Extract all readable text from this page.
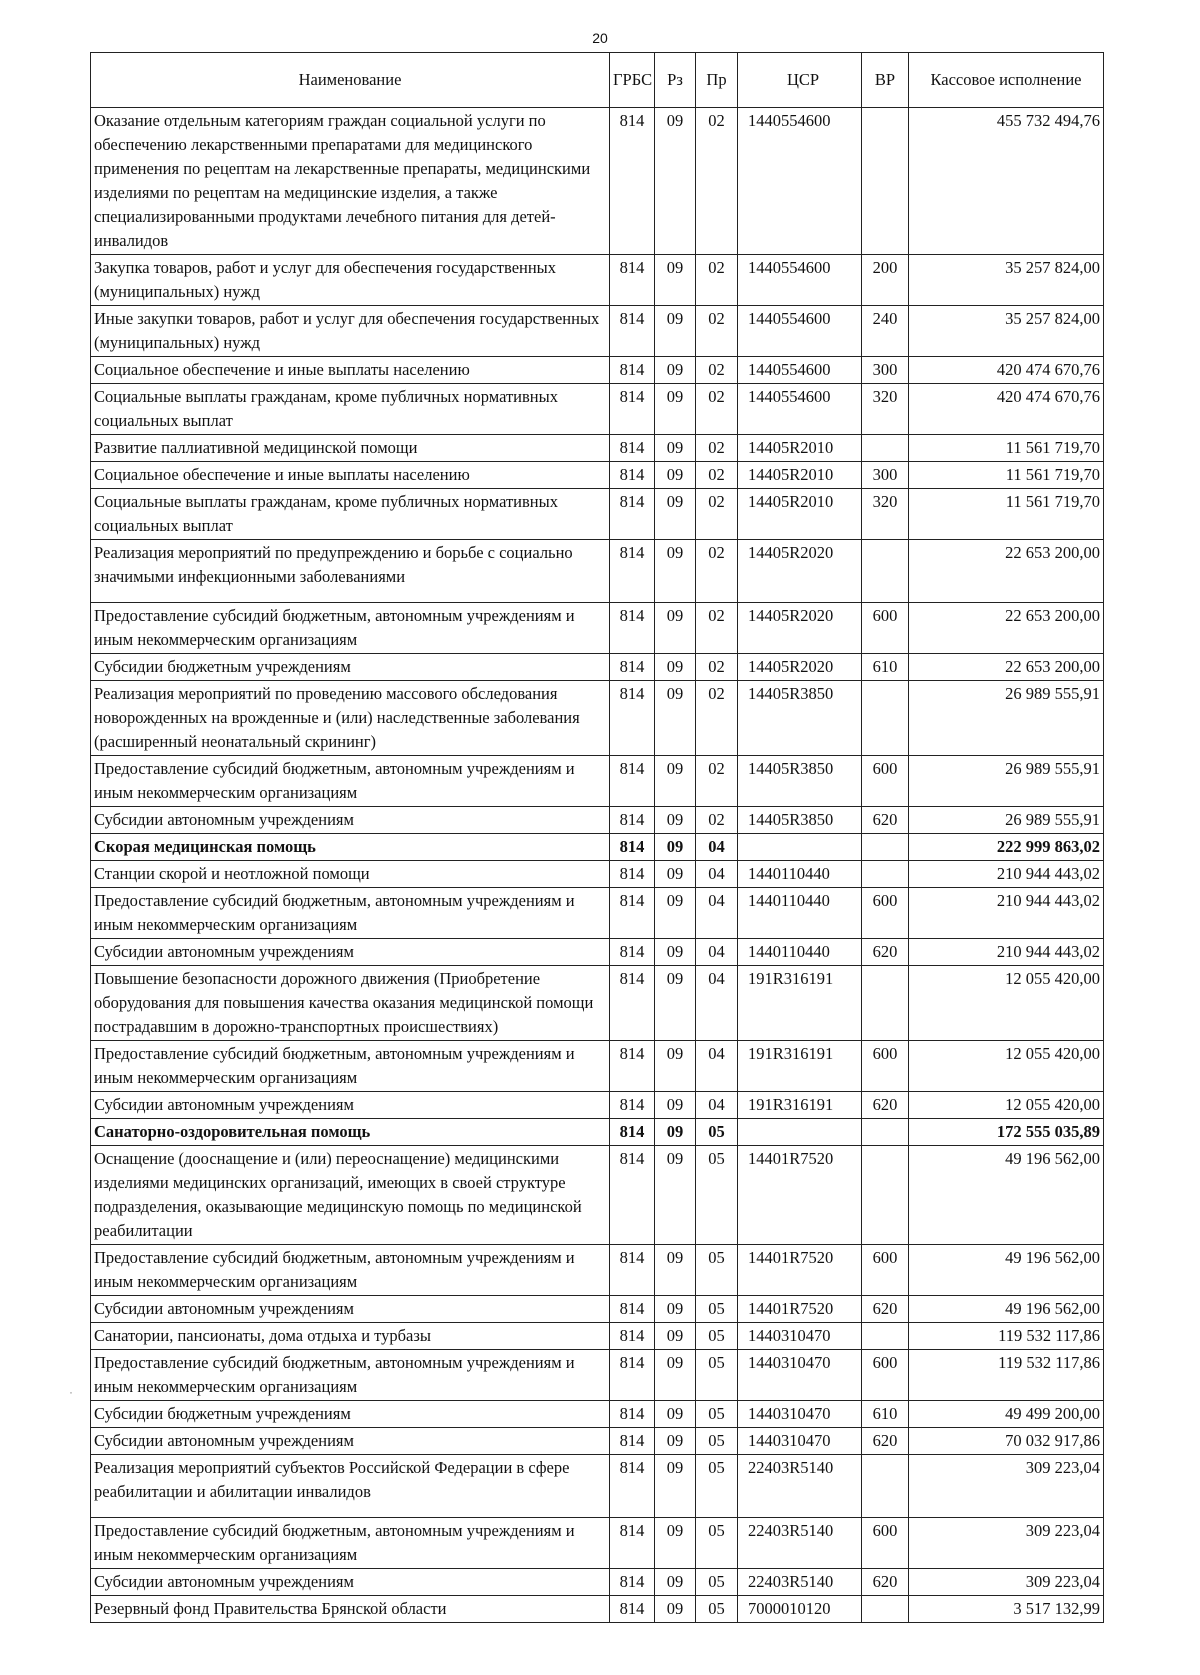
20
Наименование	ГРБС	Рз	Пр	ЦСР	ВР	Кассовое исполнение
Оказание отдельным категориям граждан социальной услуги по обеспечению лекарственными препаратами для медицинского применения по рецептам на лекарственные препараты, медицинскими изделиями по рецептам на медицинские изделия, а также специализированными продуктами лечебного питания для детей-инвалидов	814	09	02	1440554600		455 732 494,76
Закупка товаров, работ и услуг для обеспечения государственных (муниципальных) нужд	814	09	02	1440554600	200	35 257 824,00
Иные закупки товаров, работ и услуг для обеспечения государственных (муниципальных) нужд	814	09	02	1440554600	240	35 257 824,00
Социальное обеспечение и иные выплаты населению	814	09	02	1440554600	300	420 474 670,76
Социальные выплаты гражданам, кроме публичных нормативных социальных выплат	814	09	02	1440554600	320	420 474 670,76
Развитие паллиативной медицинской помощи	814	09	02	14405R2010		11 561 719,70
Социальное обеспечение и иные выплаты населению	814	09	02	14405R2010	300	11 561 719,70
Социальные выплаты гражданам, кроме публичных нормативных социальных выплат	814	09	02	14405R2010	320	11 561 719,70
Реализация мероприятий по предупреждению и борьбе с социально значимыми инфекционными заболеваниями	814	09	02	14405R2020		22 653 200,00
Предоставление субсидий бюджетным, автономным учреждениям и иным некоммерческим организациям	814	09	02	14405R2020	600	22 653 200,00
Субсидии бюджетным учреждениям	814	09	02	14405R2020	610	22 653 200,00
Реализация мероприятий по проведению массового обследования новорожденных на врожденные и (или) наследственные заболевания (расширенный неонатальный скрининг)	814	09	02	14405R3850		26 989 555,91
Предоставление субсидий бюджетным, автономным учреждениям и иным некоммерческим организациям	814	09	02	14405R3850	600	26 989 555,91
Субсидии автономным учреждениям	814	09	02	14405R3850	620	26 989 555,91
Скорая медицинская помощь	814	09	04			222 999 863,02
Станции скорой и неотложной помощи	814	09	04	1440110440		210 944 443,02
Предоставление субсидий бюджетным, автономным учреждениям и иным некоммерческим организациям	814	09	04	1440110440	600	210 944 443,02
Субсидии автономным учреждениям	814	09	04	1440110440	620	210 944 443,02
Повышение безопасности дорожного движения (Приобретение оборудования для повышения качества оказания медицинской помощи пострадавшим в дорожно-транспортных происшествиях)	814	09	04	191R316191		12 055 420,00
Предоставление субсидий бюджетным, автономным учреждениям и иным некоммерческим организациям	814	09	04	191R316191	600	12 055 420,00
Субсидии автономным учреждениям	814	09	04	191R316191	620	12 055 420,00
Санаторно-оздоровительная помощь	814	09	05			172 555 035,89
Оснащение (дооснащение и (или) переоснащение) медицинскими изделиями медицинских организаций, имеющих в своей структуре подразделения, оказывающие медицинскую помощь по медицинской реабилитации	814	09	05	14401R7520		49 196 562,00
Предоставление субсидий бюджетным, автономным учреждениям и иным некоммерческим организациям	814	09	05	14401R7520	600	49 196 562,00
Субсидии автономным учреждениям	814	09	05	14401R7520	620	49 196 562,00
Санатории, пансионаты, дома отдыха и турбазы	814	09	05	1440310470		119 532 117,86
Предоставление субсидий бюджетным, автономным учреждениям и иным некоммерческим организациям	814	09	05	1440310470	600	119 532 117,86
Субсидии бюджетным учреждениям	814	09	05	1440310470	610	49 499 200,00
Субсидии автономным учреждениям	814	09	05	1440310470	620	70 032 917,86
Реализация мероприятий субъектов Российской Федерации в сфере реабилитации и абилитации инвалидов	814	09	05	22403R5140		309 223,04
Предоставление субсидий бюджетным, автономным учреждениям и иным некоммерческим организациям	814	09	05	22403R5140	600	309 223,04
Субсидии автономным учреждениям	814	09	05	22403R5140	620	309 223,04
Резервный фонд Правительства Брянской области	814	09	05	7000010120		3 517 132,99
·
